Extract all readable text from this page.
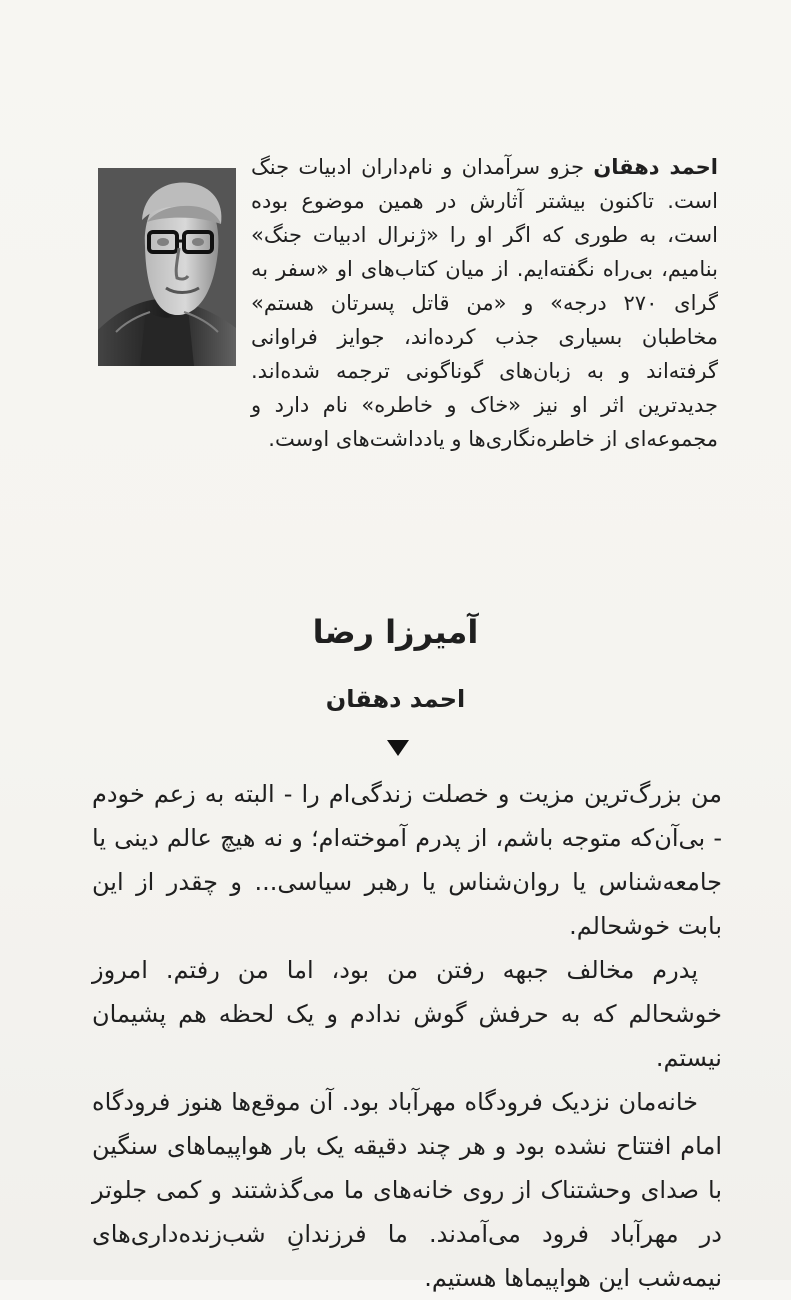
احمد دهقان جزو سرآمدان و نام‌داران ادبیات جنگ است. تاکنون بیشتر آثارش در همین موضوع بوده است، به طوری که اگر او را «ژنرال ادبیات جنگ» بنامیم، بی‌راه نگفته‌ایم. از میان کتاب‌های او «سفر به گرای ۲۷۰ درجه» و «من قاتل پسرتان هستم» مخاطبان بسیاری جذب کرده‌اند، جوایز فراوانی گرفته‌اند و به زبان‌های گوناگونی ترجمه شده‌اند. جدیدترین اثر او نیز «خاک و خاطره» نام دارد و مجموعه‌ای از خاطره‌نگاری‌ها و یادداشت‌های اوست.
آمیرزا رضا
احمد دهقان

من بزرگ‌ترین مزیت و خصلت زندگی‌ام را - البته به زعم خودم - بی‌آن‌که متوجه باشم، از پدرم آموخته‌ام؛ و نه هیچ عالم دینی یا جامعه‌شناس یا روان‌شناس یا رهبر سیاسی... و چقدر از این بابت خوشحالم.

پدرم مخالف جبهه رفتن من بود، اما من رفتم. امروز خوشحالم که به حرفش گوش ندادم و یک لحظه هم پشیمان نیستم.

خانه‌مان نزدیک فرودگاه مهرآباد بود. آن موقع‌ها هنوز فرودگاه امام افتتاح نشده بود و هر چند دقیقه یک بار هواپیماهای سنگین با صدای وحشتناک از روی خانه‌های ما می‌گذشتند و کمی جلوتر در مهرآباد فرود می‌آمدند. ما فرزندانِ شب‌زنده‌داری‌های نیمه‌شب این هواپیماها هستیم.
